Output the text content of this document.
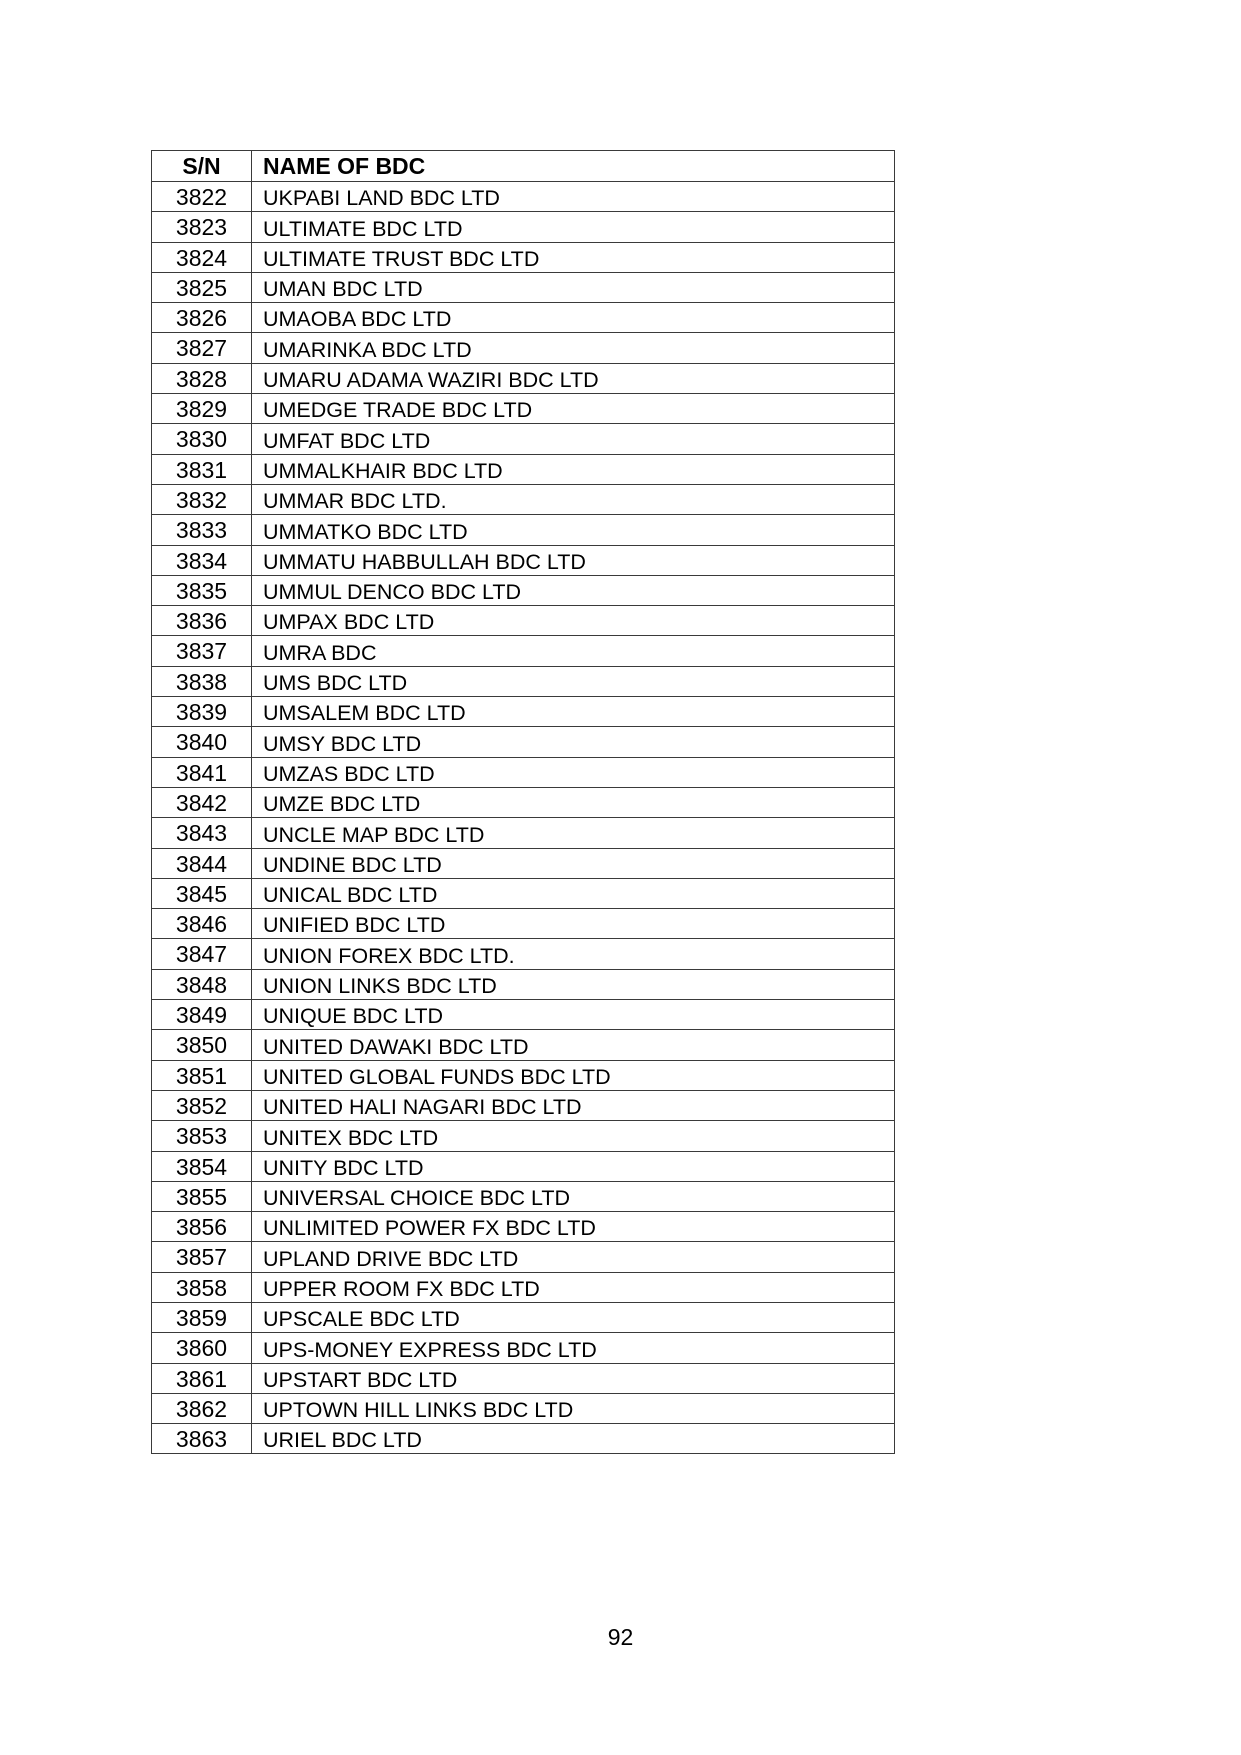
S/N	NAME OF BDC
3822	UKPABI LAND BDC LTD
3823	ULTIMATE BDC LTD
3824	ULTIMATE TRUST BDC LTD
3825	UMAN BDC LTD
3826	UMAOBA BDC LTD
3827	UMARINKA BDC LTD
3828	UMARU ADAMA WAZIRI BDC LTD
3829	UMEDGE TRADE BDC LTD
3830	UMFAT BDC LTD
3831	UMMALKHAIR BDC LTD
3832	UMMAR BDC LTD.
3833	UMMATKO BDC LTD
3834	UMMATU HABBULLAH BDC LTD
3835	UMMUL DENCO BDC LTD
3836	UMPAX BDC LTD
3837	UMRA BDC
3838	UMS BDC LTD
3839	UMSALEM BDC LTD
3840	UMSY BDC LTD
3841	UMZAS BDC LTD
3842	UMZE BDC LTD
3843	UNCLE MAP BDC LTD
3844	UNDINE BDC LTD
3845	UNICAL BDC LTD
3846	UNIFIED BDC LTD
3847	UNION FOREX BDC LTD.
3848	UNION LINKS BDC LTD
3849	UNIQUE BDC LTD
3850	UNITED DAWAKI BDC LTD
3851	UNITED GLOBAL FUNDS BDC LTD
3852	UNITED HALI NAGARI BDC LTD
3853	UNITEX BDC LTD
3854	UNITY BDC LTD
3855	UNIVERSAL CHOICE BDC LTD
3856	UNLIMITED POWER FX BDC LTD
3857	UPLAND DRIVE BDC LTD
3858	UPPER ROOM FX BDC LTD
3859	UPSCALE BDC LTD
3860	UPS-MONEY EXPRESS BDC LTD
3861	UPSTART BDC LTD
3862	UPTOWN HILL LINKS BDC LTD
3863	URIEL BDC LTD
92
